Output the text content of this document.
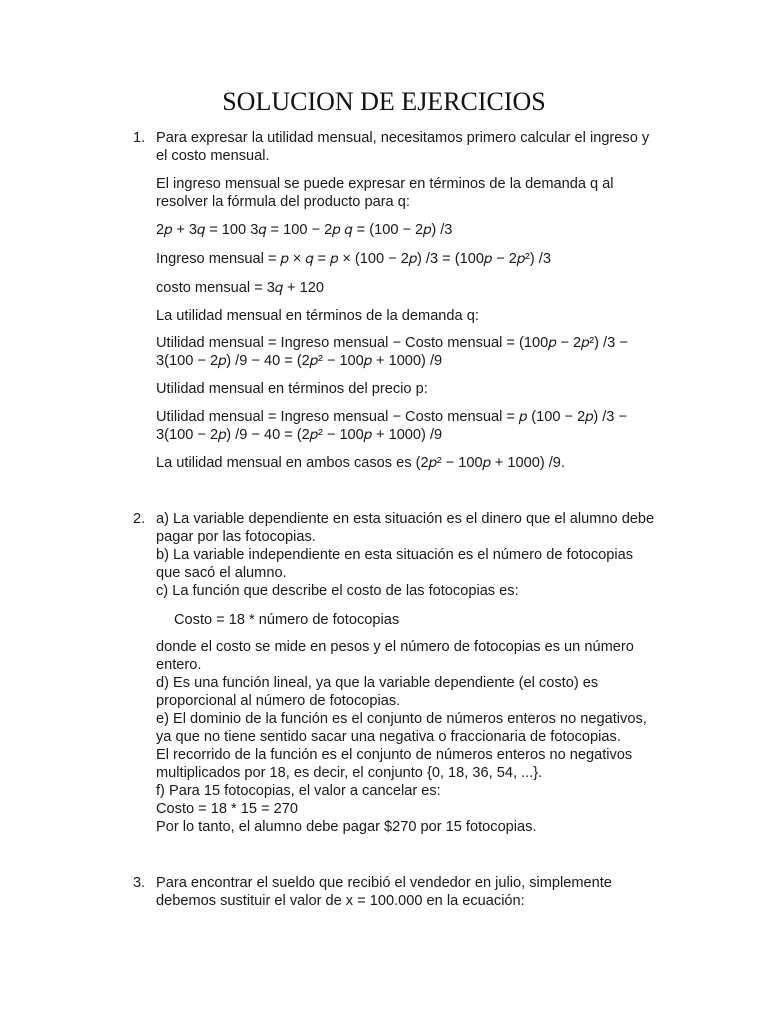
SOLUCION DE EJERCICIOS
1. Para expresar la utilidad mensual, necesitamos primero calcular el ingreso y el costo mensual.

El ingreso mensual se puede expresar en términos de la demanda q al resolver la fórmula del producto para q:

2𝑝 + 3𝑞 = 100 3𝑞 = 100 − 2𝑝 𝑞 = (100 − 2𝑝) /3

Ingreso mensual = 𝑝 × 𝑞 = 𝑝 × (100 − 2𝑝) /3 = (100𝑝 − 2𝑝²) /3

costo mensual = 3𝑞 + 120

La utilidad mensual en términos de la demanda q:

Utilidad mensual = Ingreso mensual − Costo mensual = (100𝑝 − 2𝑝²) /3 − 3(100 − 2𝑝) /9 − 40 = (2𝑝² − 100𝑝 + 1000) /9

Utilidad mensual en términos del precio p:

Utilidad mensual = Ingreso mensual − Costo mensual = 𝑝 (100 − 2𝑝) /3 − 3(100 − 2𝑝) /9 − 40 = (2𝑝² − 100𝑝 + 1000) /9

La utilidad mensual en ambos casos es (2𝑝² − 100𝑝 + 1000) /9.

2. a) La variable dependiente en esta situación es el dinero que el alumno debe pagar por las fotocopias.

b) La variable independiente en esta situación es el número de fotocopias que sacó el alumno.

c) La función que describe el costo de las fotocopias es:

Costo = 18 * número de fotocopias

donde el costo se mide en pesos y el número de fotocopias es un número entero.

d) Es una función lineal, ya que la variable dependiente (el costo) es proporcional al número de fotocopias.

e) El dominio de la función es el conjunto de números enteros no negativos, ya que no tiene sentido sacar una negativa o fraccionaria de fotocopias.

El recorrido de la función es el conjunto de números enteros no negativos multiplicados por 18, es decir, el conjunto {0, 18, 36, 54, ...}.

f) Para 15 fotocopias, el valor a cancelar es:

Costo = 18 * 15 = 270

Por lo tanto, el alumno debe pagar $270 por 15 fotocopias.

3. Para encontrar el sueldo que recibió el vendedor en julio, simplemente debemos sustituir el valor de x = 100.000 en la ecuación:
